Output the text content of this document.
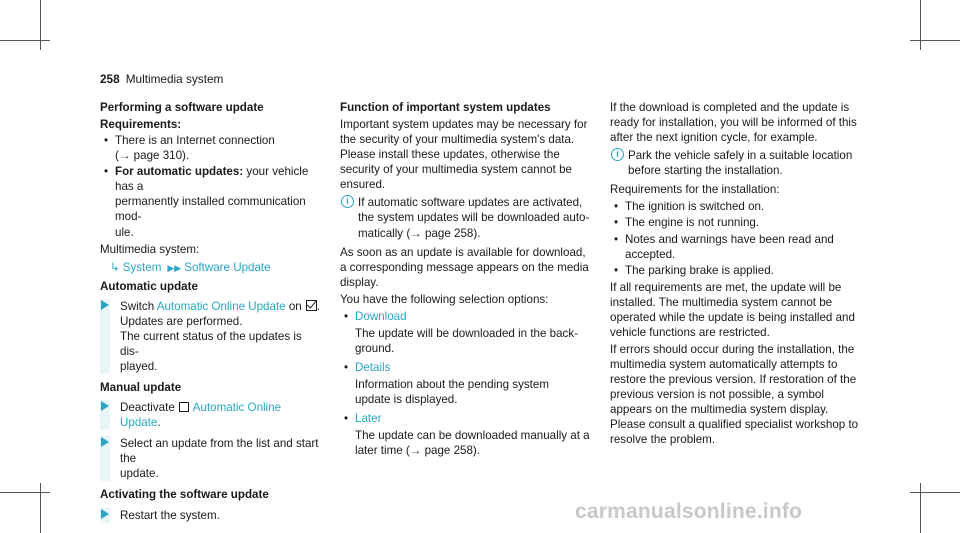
258 Multimedia system
Performing a software update
Requirements:
• There is an Internet connection
(→ page 310).
• For automatic updates: your vehicle has a
permanently installed communication mod-
ule.

Multimedia system:

↳ System ▶▶ Software Update
Automatic update
Switch Automatic Online Update on .
Updates are performed.
The current status of the updates is dis-
played.
Manual update
Deactivate Automatic Online Update.
Select an update from the list and start the
update.
Activating the software update
Restart the system.
Function of important system updates

Important system updates may be necessary for
the security of your multimedia system's data.
Please install these updates, otherwise the
security of your multimedia system cannot be
ensured.

i If automatic software updates are activated,
the system updates will be downloaded auto-
matically (→ page 258).

As soon as an update is available for download,
a corresponding message appears on the media
display.

You have the following selection options:

• Download
The update will be downloaded in the back-
ground.
• Details
Information about the pending system
update is displayed.
• Later
The update can be downloaded manually at a
later time (→ page 258).

If the download is completed and the update is
ready for installation, you will be informed of this
after the next ignition cycle, for example.

i Park the vehicle safely in a suitable location
before starting the installation.

Requirements for the installation:

• The ignition is switched on.
• The engine is not running.
• Notes and warnings have been read and
accepted.
• The parking brake is applied.

If all requirements are met, the update will be
installed. The multimedia system cannot be
operated while the update is being installed and
vehicle functions are restricted.

If errors should occur during the installation, the
multimedia system automatically attempts to
restore the previous version. If restoration of the
previous version is not possible, a symbol
appears on the multimedia system display.
Please consult a qualified specialist workshop to
resolve the problem.

carmanualsonline.info
